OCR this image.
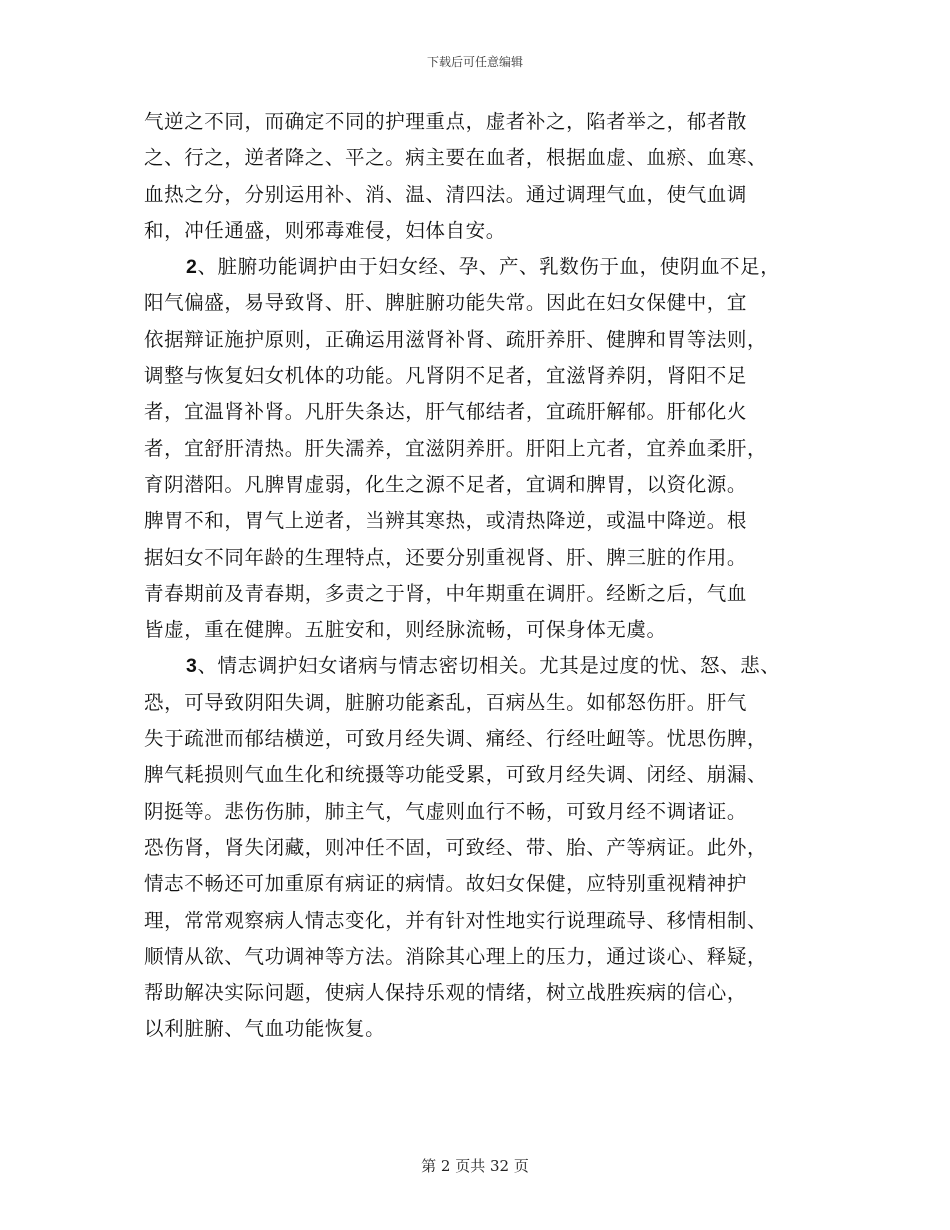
下载后可任意编辑
气逆之不同，而确定不同的护理重点，虚者补之，陷者举之，郁者散
之、行之，逆者降之、平之。病主要在血者，根据血虚、血瘀、血寒、
血热之分，分别运用补、消、温、清四法。通过调理气血，使气血调
和，冲任通盛，则邪毒难侵，妇体自安。
2、脏腑功能调护由于妇女经、孕、产、乳数伤于血，使阴血不足，
阳气偏盛，易导致肾、肝、脾脏腑功能失常。因此在妇女保健中，宜
依据辩证施护原则，正确运用滋肾补肾、疏肝养肝、健脾和胃等法则，
调整与恢复妇女机体的功能。凡肾阴不足者，宜滋肾养阴，肾阳不足
者，宜温肾补肾。凡肝失条达，肝气郁结者，宜疏肝解郁。肝郁化火
者，宜舒肝清热。肝失濡养，宜滋阴养肝。肝阳上亢者，宜养血柔肝，
育阴潜阳。凡脾胃虚弱，化生之源不足者，宜调和脾胃，以资化源。
脾胃不和，胃气上逆者，当辨其寒热，或清热降逆，或温中降逆。根
据妇女不同年龄的生理特点，还要分别重视肾、肝、脾三脏的作用。
青春期前及青春期，多责之于肾，中年期重在调肝。经断之后，气血
皆虚，重在健脾。五脏安和，则经脉流畅，可保身体无虞。
3、情志调护妇女诸病与情志密切相关。尤其是过度的忧、怒、悲、
恐，可导致阴阳失调，脏腑功能紊乱，百病丛生。如郁怒伤肝。肝气
失于疏泄而郁结横逆，可致月经失调、痛经、行经吐衄等。忧思伤脾，
脾气耗损则气血生化和统摄等功能受累，可致月经失调、闭经、崩漏、
阴挺等。悲伤伤肺，肺主气，气虚则血行不畅，可致月经不调诸证。
恐伤肾，肾失闭藏，则冲任不固，可致经、带、胎、产等病证。此外，
情志不畅还可加重原有病证的病情。故妇女保健，应特别重视精神护
理，常常观察病人情志变化，并有针对性地实行说理疏导、移情相制、
顺情从欲、气功调神等方法。消除其心理上的压力，通过谈心、释疑，
帮助解决实际问题，使病人保持乐观的情绪，树立战胜疾病的信心，
以利脏腑、气血功能恢复。
第 2 页共 32 页
